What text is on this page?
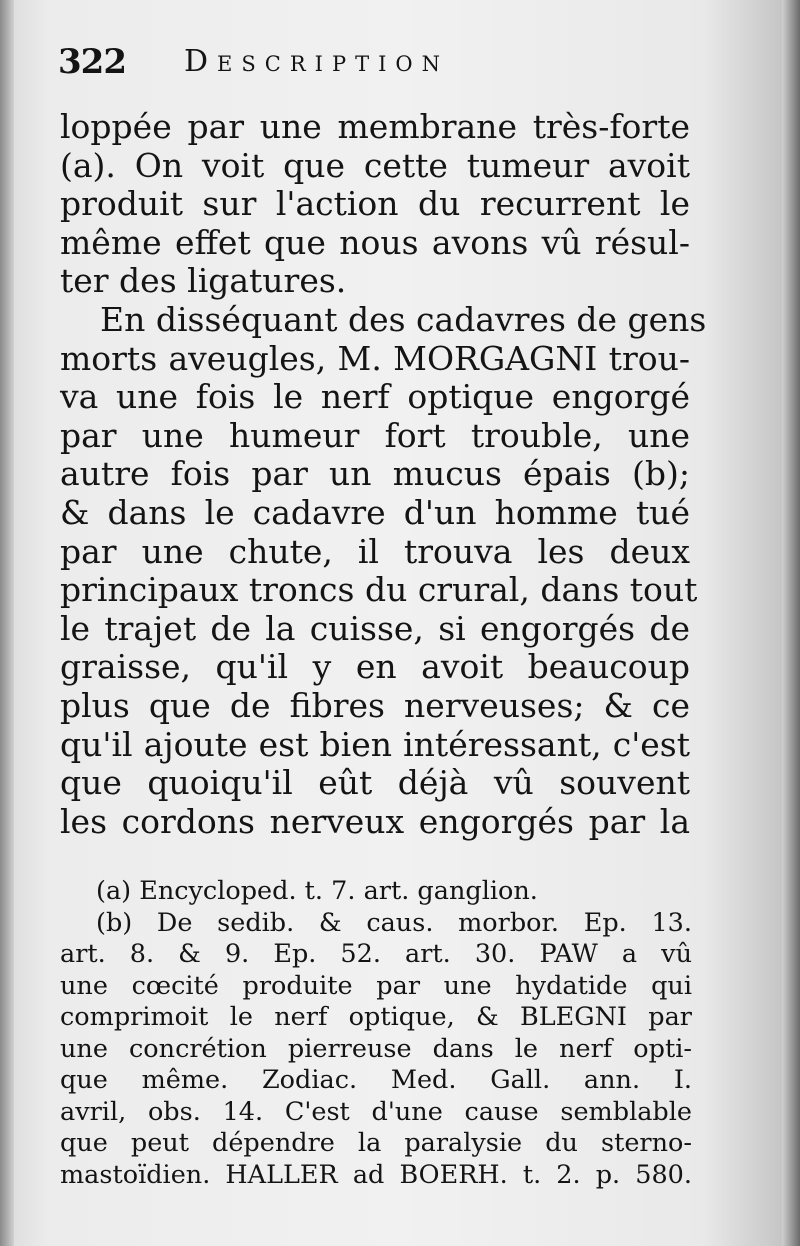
322 Description
loppée par une membrane très-forte
(a). On voit que cette tumeur avoit
produit sur l'action du recurrent le
même effet que nous avons vû résul-
ter des ligatures.
En disséquant des cadavres de gens
morts aveugles, M. MORGAGNI trou-
va une fois le nerf optique engorgé
par une humeur fort trouble, une
autre fois par un mucus épais (b);
& dans le cadavre d'un homme tué
par une chute, il trouva les deux
principaux troncs du crural, dans tout
le trajet de la cuisse, si engorgés de
graisse, qu'il y en avoit beaucoup
plus que de fibres nerveuses; & ce
qu'il ajoute est bien intéressant, c'est
que quoiqu'il eût déjà vû souvent
les cordons nerveux engorgés par la
(a) Encycloped. t. 7. art. ganglion.
(b) De sedib. & caus. morbor. Ep. 13.
art. 8. & 9. Ep. 52. art. 30. PAW a vû
une cœcité produite par une hydatide qui
comprimoit le nerf optique, & BLEGNI par
une concrétion pierreuse dans le nerf opti-
que même. Zodiac. Med. Gall. ann. I.
avril, obs. 14. C'est d'une cause semblable
que peut dépendre la paralysie du sterno-
mastoïdien. HALLER ad BOERH. t. 2. p. 580.
